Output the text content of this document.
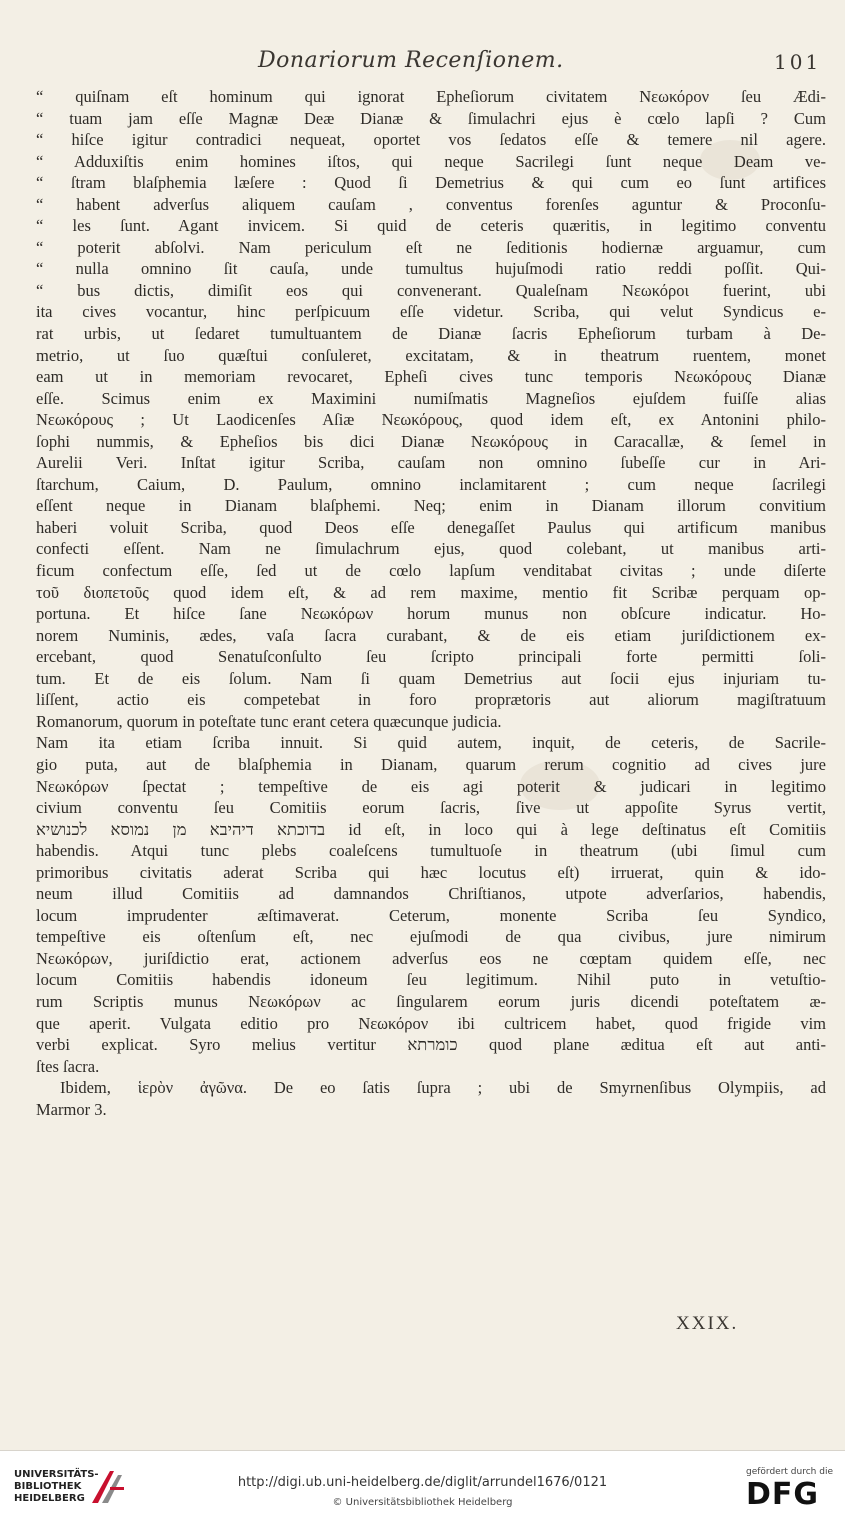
Donariorum Recenſionem.	101
“ quiſnam eſt hominum qui ignorat Epheſiorum civitatem Νεωκόρον ſeu Ædi-
“ tuam jam eſſe Magnæ Deæ Dianæ & ſimulachri ejus è cœlo lapſi ? Cum
“ hiſce igitur contradici nequeat, oportet vos ſedatos eſſe & temere nil agere.
“ Adduxiſtis enim homines iſtos, qui neque Sacrilegi ſunt neque Deam ve-
“ ſtram blaſphemia læſere : Quod ſi Demetrius & qui cum eo ſunt artifices
“ habent adverſus aliquem cauſam , conventus forenſes aguntur & Proconſu-
“ les ſunt. Agant invicem. Si quid de ceteris quæritis, in legitimo conventu
“ poterit abſolvi. Nam periculum eſt ne ſeditionis hodiernæ arguamur, cum
“ nulla omnino ſit cauſa, unde tumultus hujuſmodi ratio reddi poſſit. Qui-
“ bus dictis, dimiſit eos qui convenerant. Qualeſnam Νεωκόροι fuerint, ubi
ita cives vocantur, hinc perſpicuum eſſe videtur. Scriba, qui velut Syndicus e-
rat urbis, ut ſedaret tumultuantem de Dianæ ſacris Epheſiorum turbam à De-
metrio, ut ſuo quæſtui conſuleret, excitatam, & in theatrum ruentem, monet
eam ut in memoriam revocaret, Epheſi cives tunc temporis Νεωκόρους Dianæ
eſſe. Scimus enim ex Maximini numiſmatis Magneſios ejuſdem fuiſſe alias
Νεωκόρους ; Ut Laodicenſes Aſiæ Νεωκόρους, quod idem eſt, ex Antonini philo-
ſophi nummis, & Epheſios bis dici Dianæ Νεωκόρους in Caracallæ, & ſemel in
Aurelii Veri. Inſtat igitur Scriba, cauſam non omnino ſubeſſe cur in Ari-
ſtarchum, Caium, D. Paulum, omnino inclamitarent ; cum neque ſacrilegi
eſſent neque in Dianam blaſphemi. Neq; enim in Dianam illorum convitium
haberi voluit Scriba, quod Deos eſſe denegaſſet Paulus qui artificum manibus
confecti eſſent. Nam ne ſimulachrum ejus, quod colebant, ut manibus arti-
ficum confectum eſſe, ſed ut de cœlo lapſum venditabat civitas ; unde diſerte
τοῦ διοπετοῦς quod idem eſt, & ad rem maxime, mentio fit Scribæ perquam op-
portuna. Et hiſce ſane Νεωκόρων horum munus non obſcure indicatur. Ho-
norem Numinis, ædes, vaſa ſacra curabant, & de eis etiam juriſdictionem ex-
ercebant, quod Senatuſconſulto ſeu ſcripto principali forte permitti ſoli-
tum. Et de eis ſolum. Nam ſi quam Demetrius aut ſocii ejus injuriam tu-
liſſent, actio eis competebat in foro proprætoris aut aliorum magiſtratuum
Romanorum, quorum in poteſtate tunc erant cetera quæcunque judicia.
Nam ita etiam ſcriba innuit. Si quid autem, inquit, de ceteris, de Sacrile-
gio puta, aut de blaſphemia in Dianam, quarum rerum cognitio ad cives jure
Νεωκόρων ſpectat ; tempeſtive de eis agi poterit & judicari in legitimo
civium conventu ſeu Comitiis eorum ſacris, ſive ut appoſite Syrus vertit,
בדוכתא דיהיבא מן נמוסא לכנושיא id eſt, in loco qui à lege deſtinatus eſt Comitiis
habendis. Atqui tunc plebs coaleſcens tumultuoſe in theatrum (ubi ſimul cum
primoribus civitatis aderat Scriba qui hæc locutus eſt) irruerat, quin & ido-
neum illud Comitiis ad damnandos Chriſtianos, utpote adverſarios, habendis,
locum imprudenter æſtimaverat. Ceterum, monente Scriba ſeu Syndico,
tempeſtive eis oſtenſum eſt, nec ejuſmodi de qua civibus, jure nimirum
Νεωκόρων, juriſdictio erat, actionem adverſus eos ne cœptam quidem eſſe, nec
locum Comitiis habendis idoneum ſeu legitimum. Nihil puto in vetuſtio-
rum Scriptis munus Νεωκόρων ac ſingularem eorum juris dicendi poteſtatem æ-
que aperit. Vulgata editio pro Νεωκόρον ibi cultricem habet, quod frigide vim
verbi explicat. Syro melius vertitur כומרתא quod plane æditua eſt aut anti-
ſtes ſacra.
Ibidem, ἱερὸν ἀγῶνα. De eo ſatis ſupra ; ubi de Smyrnenſibus Olympiis, ad
Marmor 3.
XXIX.
UNIVERSITÄTS-
BIBLIOTHEK
HEIDELBERG
http://digi.ub.uni-heidelberg.de/diglit/arrundel1676/0121
© Universitätsbibliothek Heidelberg
gefördert durch die
DFG
